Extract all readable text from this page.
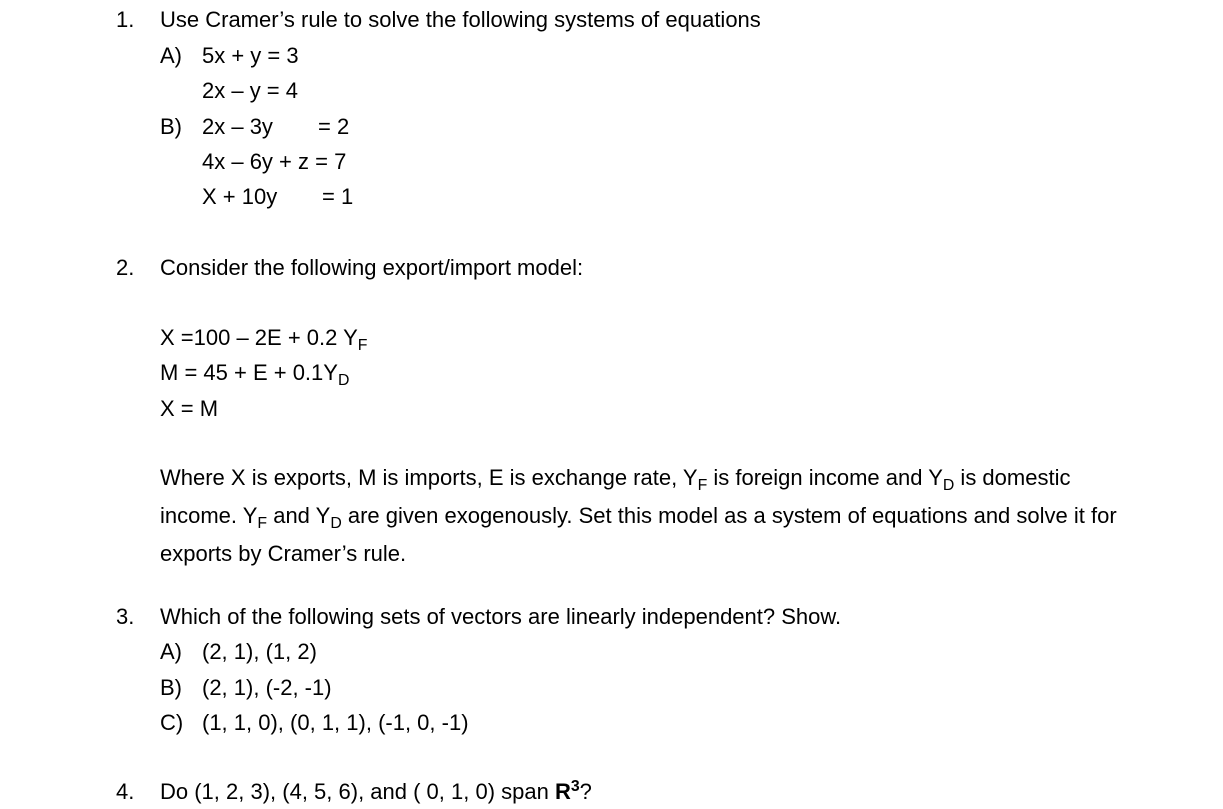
1. Use Cramer’s rule to solve the following systems of equations
A) 5x + y = 3
2x – y = 4
B) 2x – 3y = 2
4x – 6y + z = 7
X + 10y = 1
2. Consider the following export/import model:
X =100 – 2E + 0.2 $Y_F$
$M = 45 + E + 0.1Y_D$
X = M
Where X is exports, M is imports, E is exchange rate, $Y_F$ is foreign income and $Y_D$ is domestic
income. $Y_F$ and $Y_D$ are given exogenously. Set this model as a system of equations and solve it for
exports by Cramer’s rule.
3. Which of the following sets of vectors are linearly independent? Show.
A) (2, 1), (1, 2)
B) (2, 1), (-2, -1)
C) (1, 1, 0), (0, 1, 1), (-1, 0, -1)
4. Do (1, 2, 3), (4, 5, 6), and ( 0, 1, 0) span $R^3$?
